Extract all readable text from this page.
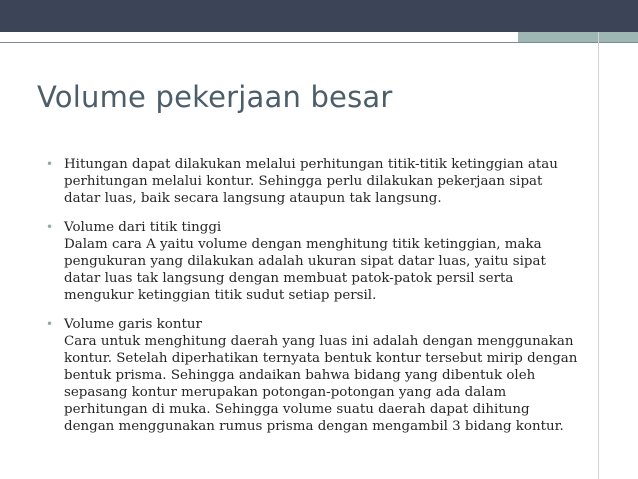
Volume pekerjaan besar
• Hitungan dapat dilakukan melalui perhitungan titik-titik ketinggian atau
perhitungan melalui kontur. Sehingga perlu dilakukan pekerjaan sipat
datar luas, baik secara langsung ataupun tak langsung.
• Volume dari titik tinggi
Dalam cara A yaitu volume dengan menghitung titik ketinggian, maka
pengukuran yang dilakukan adalah ukuran sipat datar luas, yaitu sipat
datar luas tak langsung dengan membuat patok-patok persil serta
mengukur ketinggian titik sudut setiap persil.
• Volume garis kontur
Cara untuk menghitung daerah yang luas ini adalah dengan menggunakan
kontur. Setelah diperhatikan ternyata bentuk kontur tersebut mirip dengan
bentuk prisma. Sehingga andaikan bahwa bidang yang dibentuk oleh
sepasang kontur merupakan potongan-potongan yang ada dalam
perhitungan di muka. Sehingga volume suatu daerah dapat dihitung
dengan menggunakan rumus prisma dengan mengambil 3 bidang kontur.
